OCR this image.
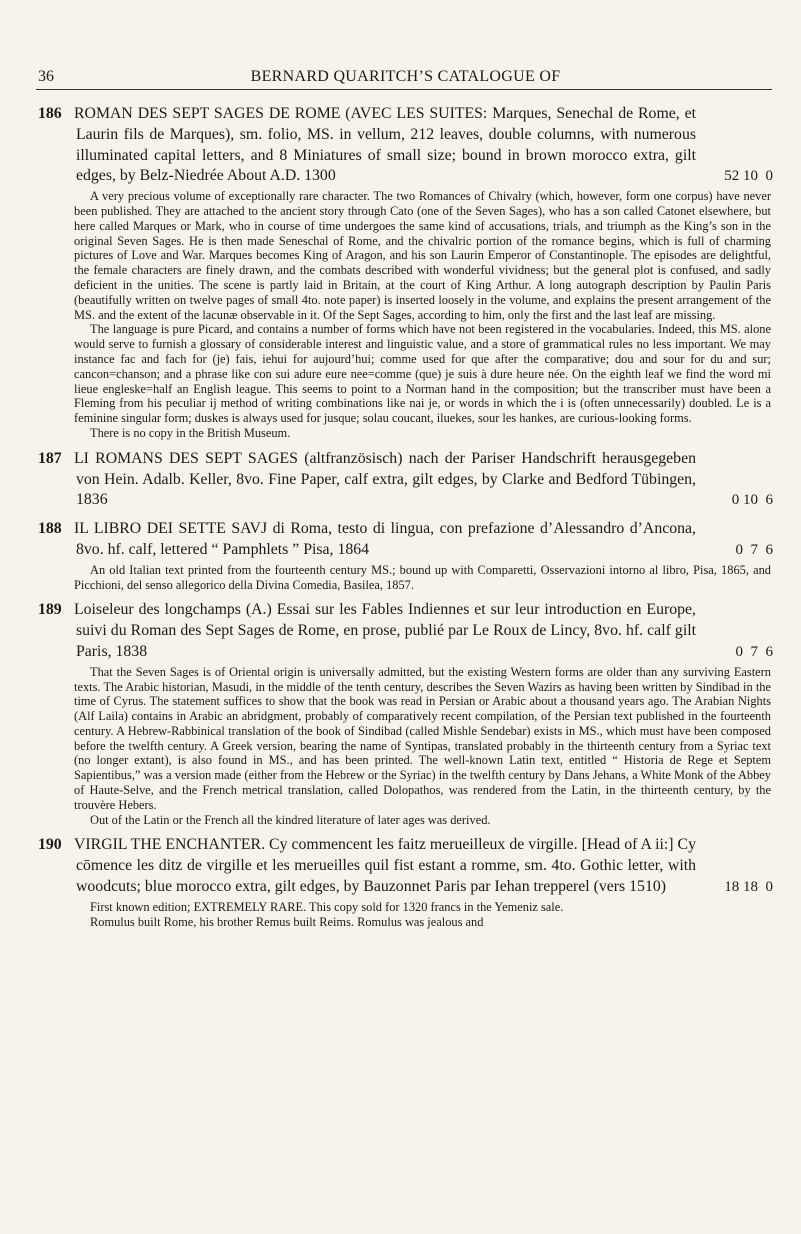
36	BERNARD QUARITCH’S CATALOGUE OF

186 ROMAN DES SEPT SAGES DE ROME (AVEC LES SUITES: Marques, Senechal de Rome, et Laurin fils de Marques), sm. folio, MS. in vellum, 212 leaves, double columns, with numerous illuminated capital letters, and 8 Miniatures of small size; bound in brown morocco extra, gilt edges, by Belz-Niedrée About A.D. 1300	52 10  0

A very precious volume of exceptionally rare character. The two Romances of Chivalry (which, however, form one corpus) have never been published. They are attached to the ancient story through Cato (one of the Seven Sages), who has a son called Catonet elsewhere, but here called Marques or Mark, who in course of time undergoes the same kind of accusations, trials, and triumph as the King’s son in the original Seven Sages. He is then made Seneschal of Rome, and the chivalric portion of the romance begins, which is full of charming pictures of Love and War. Marques becomes King of Aragon, and his son Laurin Emperor of Constantinople. The episodes are delightful, the female characters are finely drawn, and the combats described with wonderful vividness; but the general plot is confused, and sadly deficient in the unities. The scene is partly laid in Britain, at the court of King Arthur. A long autograph description by Paulin Paris (beautifully written on twelve pages of small 4to. note paper) is inserted loosely in the volume, and explains the present arrangement of the MS. and the extent of the lacunæ observable in it. Of the Sept Sages, according to him, only the first and the last leaf are missing.

The language is pure Picard, and contains a number of forms which have not been registered in the vocabularies. Indeed, this MS. alone would serve to furnish a glossary of considerable interest and linguistic value, and a store of grammatical rules no less important. We may instance fac and fach for (je) fais, iehui for aujourd’hui; comme used for que after the comparative; dou and sour for du and sur; cancon=chanson; and a phrase like con sui adure eure nee=comme (que) je suis à dure heure née. On the eighth leaf we find the word mi lieue engleske=half an English league. This seems to point to a Norman hand in the composition; but the transcriber must have been a Fleming from his peculiar ij method of writing combinations like nai je, or words in which the i is (often unnecessarily) doubled. Le is a feminine singular form; duskes is always used for jusque; solau coucant, iluekes, sour les hankes, are curious-looking forms.

There is no copy in the British Museum.

187 LI ROMANS DES SEPT SAGES (altfranzösisch) nach der Pariser Handschrift herausgegeben von Hein. Adalb. Keller, 8vo. Fine Paper, calf extra, gilt edges, by Clarke and Bedford Tübingen, 1836	0 10  6

188 IL LIBRO DEI SETTE SAVJ di Roma, testo di lingua, con prefazione d’Alessandro d’Ancona, 8vo. hf. calf, lettered “ Pamphlets ” Pisa, 1864	0  7  6

An old Italian text printed from the fourteenth century MS.; bound up with Comparetti, Osservazioni intorno al libro, Pisa, 1865, and Picchioni, del senso allegorico della Divina Comedia, Basilea, 1857.

189 Loiseleur des longchamps (A.) Essai sur les Fables Indiennes et sur leur introduction en Europe, suivi du Roman des Sept Sages de Rome, en prose, publié par Le Roux de Lincy, 8vo. hf. calf gilt Paris, 1838	0  7  6

That the Seven Sages is of Oriental origin is universally admitted, but the existing Western forms are older than any surviving Eastern texts. The Arabic historian, Masudi, in the middle of the tenth century, describes the Seven Wazirs as having been written by Sindibad in the time of Cyrus. The statement suffices to show that the book was read in Persian or Arabic about a thousand years ago. The Arabian Nights (Alf Laila) contains in Arabic an abridgment, probably of comparatively recent compilation, of the Persian text published in the fourteenth century. A Hebrew-Rabbinical translation of the book of Sindibad (called Mishle Sendebar) exists in MS., which must have been composed before the twelfth century. A Greek version, bearing the name of Syntipas, translated probably in the thirteenth century from a Syriac text (no longer extant), is also found in MS., and has been printed. The well-known Latin text, entitled “ Historia de Rege et Septem Sapientibus,” was a version made (either from the Hebrew or the Syriac) in the twelfth century by Dans Jehans, a White Monk of the Abbey of Haute-Selve, and the French metrical translation, called Dolopathos, was rendered from the Latin, in the thirteenth century, by the trouvère Hebers.

Out of the Latin or the French all the kindred literature of later ages was derived.

190 VIRGIL THE ENCHANTER. Cy commencent les faitz merueilleux de virgille. [Head of A ii:] Cy cōmence les ditz de virgille et les merueilles quil fist estant a romme, sm. 4to. Gothic letter, with woodcuts; blue morocco extra, gilt edges, by Bauzonnet Paris par Iehan trepperel (vers 1510)	18 18  0

First known edition; EXTREMELY RARE. This copy sold for 1320 francs in the Yemeniz sale.

Romulus built Rome, his brother Remus built Reims. Romulus was jealous and
